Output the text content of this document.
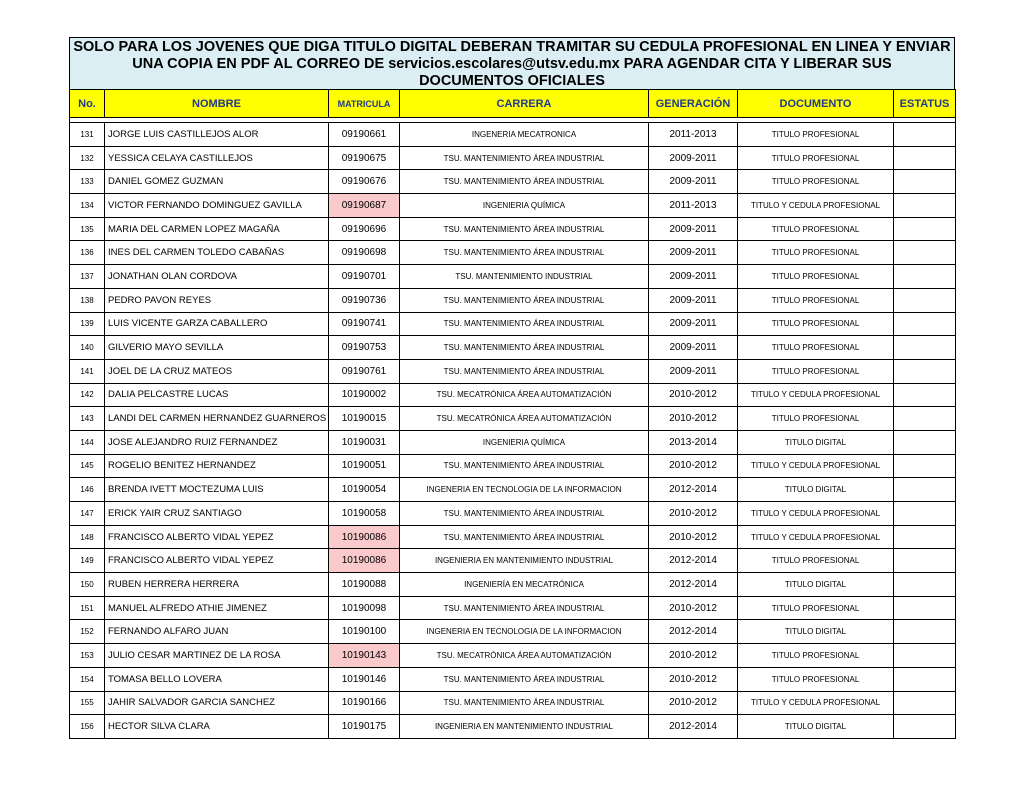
SOLO PARA LOS JOVENES QUE DIGA TITULO DIGITAL DEBERAN TRAMITAR SU CEDULA PROFESIONAL EN LINEA Y ENVIAR
UNA COPIA EN PDF AL CORREO DE servicios.escolares@utsv.edu.mx PARA AGENDAR CITA Y LIBERAR SUS
DOCUMENTOS OFICIALES
No.	NOMBRE	MATRICULA	CARRERA	GENERACIÓN	DOCUMENTO	ESTATUS

131	JORGE LUIS CASTILLEJOS ALOR	09190661	INGENERIA MECATRONICA	2011-2013	TITULO PROFESIONAL	
132	YESSICA CELAYA CASTILLEJOS	09190675	TSU. MANTENIMIENTO ÁREA INDUSTRIAL	2009-2011	TITULO PROFESIONAL	
133	DANIEL GOMEZ GUZMAN	09190676	TSU. MANTENIMIENTO ÁREA INDUSTRIAL	2009-2011	TITULO PROFESIONAL	
134	VICTOR FERNANDO DOMINGUEZ GAVILLA	09190687	INGENIERIA QUÍMICA	2011-2013	TITULO Y CEDULA PROFESIONAL	
135	MARIA DEL CARMEN LOPEZ MAGAÑA	09190696	TSU. MANTENIMIENTO ÁREA INDUSTRIAL	2009-2011	TITULO PROFESIONAL	
136	INES DEL CARMEN TOLEDO CABAÑAS	09190698	TSU. MANTENIMIENTO ÁREA INDUSTRIAL	2009-2011	TITULO PROFESIONAL	
137	JONATHAN OLAN CORDOVA	09190701	TSU. MANTENIMIENTO INDUSTRIAL	2009-2011	TITULO PROFESIONAL	
138	PEDRO PAVON REYES	09190736	TSU. MANTENIMIENTO ÁREA INDUSTRIAL	2009-2011	TITULO PROFESIONAL	
139	LUIS VICENTE GARZA CABALLERO	09190741	TSU. MANTENIMIENTO ÁREA INDUSTRIAL	2009-2011	TITULO PROFESIONAL	
140	GILVERIO MAYO SEVILLA	09190753	TSU. MANTENIMIENTO ÁREA INDUSTRIAL	2009-2011	TITULO PROFESIONAL	
141	JOEL DE LA CRUZ MATEOS	09190761	TSU. MANTENIMIENTO ÁREA INDUSTRIAL	2009-2011	TITULO PROFESIONAL	
142	DALIA PELCASTRE LUCAS	10190002	TSU. MECATRÓNICA ÁREA AUTOMATIZACIÓN	2010-2012	TITULO Y CEDULA PROFESIONAL	
143	LANDI DEL CARMEN HERNANDEZ GUARNEROS	10190015	TSU. MECATRÓNICA ÁREA AUTOMATIZACIÓN	2010-2012	TITULO PROFESIONAL	
144	JOSE ALEJANDRO RUIZ FERNANDEZ	10190031	INGENIERIA QUÍMICA	2013-2014	TITULO DIGITAL	
145	ROGELIO BENITEZ HERNANDEZ	10190051	TSU. MANTENIMIENTO ÁREA INDUSTRIAL	2010-2012	TITULO Y CEDULA PROFESIONAL	
146	BRENDA IVETT MOCTEZUMA LUIS	10190054	INGENERIA EN TECNOLOGIA DE LA INFORMACION	2012-2014	TITULO DIGITAL	
147	ERICK YAIR CRUZ SANTIAGO	10190058	TSU. MANTENIMIENTO ÁREA INDUSTRIAL	2010-2012	TITULO Y CEDULA PROFESIONAL	
148	FRANCISCO ALBERTO VIDAL YEPEZ	10190086	TSU. MANTENIMIENTO ÁREA INDUSTRIAL	2010-2012	TITULO Y CEDULA PROFESIONAL	
149	FRANCISCO ALBERTO VIDAL YEPEZ	10190086	INGENIERIA EN MANTENIMIENTO INDUSTRIAL	2012-2014	TITULO PROFESIONAL	
150	RUBEN HERRERA HERRERA	10190088	INGENIERÍA EN MECATRÓNICA	2012-2014	TITULO DIGITAL	
151	MANUEL ALFREDO ATHIE JIMENEZ	10190098	TSU. MANTENIMIENTO ÁREA INDUSTRIAL	2010-2012	TITULO PROFESIONAL	
152	FERNANDO ALFARO JUAN	10190100	INGENERIA EN TECNOLOGIA DE LA INFORMACION	2012-2014	TITULO DIGITAL	
153	JULIO CESAR MARTINEZ DE LA ROSA	10190143	TSU. MECATRÓNICA ÁREA AUTOMATIZACIÓN	2010-2012	TITULO PROFESIONAL	
154	TOMASA BELLO LOVERA	10190146	TSU. MANTENIMIENTO ÁREA INDUSTRIAL	2010-2012	TITULO PROFESIONAL	
155	JAHIR SALVADOR GARCIA SANCHEZ	10190166	TSU. MANTENIMIENTO ÁREA INDUSTRIAL	2010-2012	TITULO Y CEDULA PROFESIONAL	
156	HECTOR SILVA CLARA	10190175	INGENIERIA EN MANTENIMIENTO INDUSTRIAL	2012-2014	TITULO DIGITAL	
